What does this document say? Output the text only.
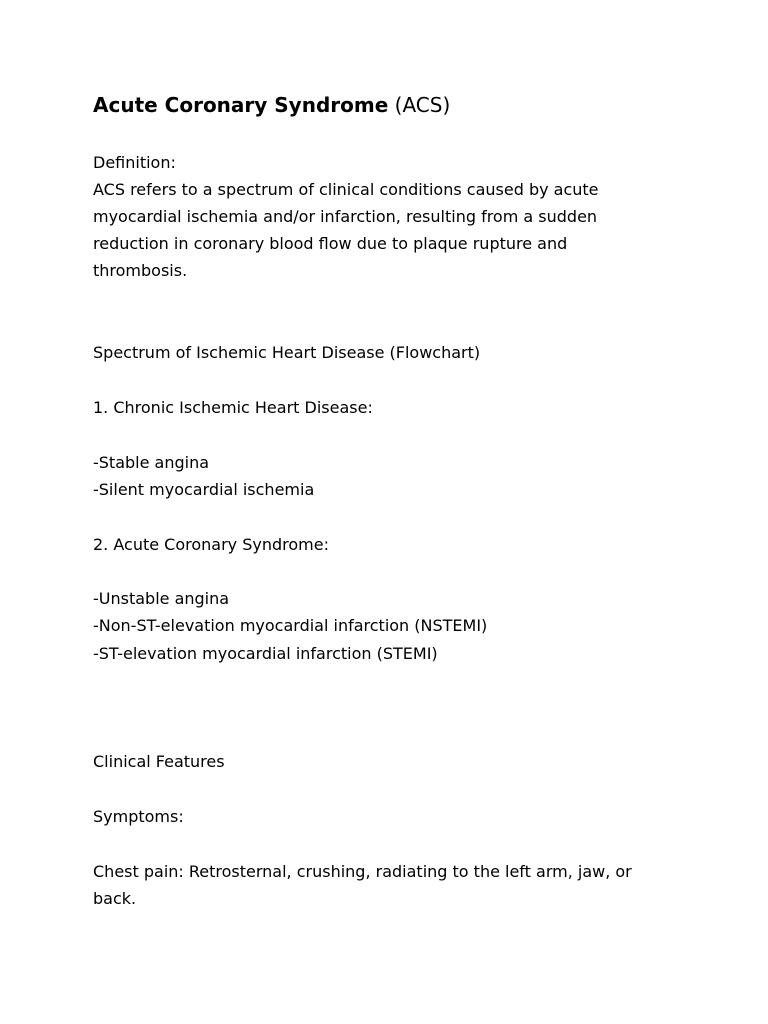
Acute Coronary Syndrome (ACS)
Definition:
ACS refers to a spectrum of clinical conditions caused by acute
myocardial ischemia and/or infarction, resulting from a sudden
reduction in coronary blood flow due to plaque rupture and
thrombosis.
Spectrum of Ischemic Heart Disease (Flowchart)
1. Chronic Ischemic Heart Disease:
-Stable angina
-Silent myocardial ischemia
2. Acute Coronary Syndrome:
-Unstable angina
-Non-ST-elevation myocardial infarction (NSTEMI)
-ST-elevation myocardial infarction (STEMI)
Clinical Features
Symptoms:
Chest pain: Retrosternal, crushing, radiating to the left arm, jaw, or
back.
